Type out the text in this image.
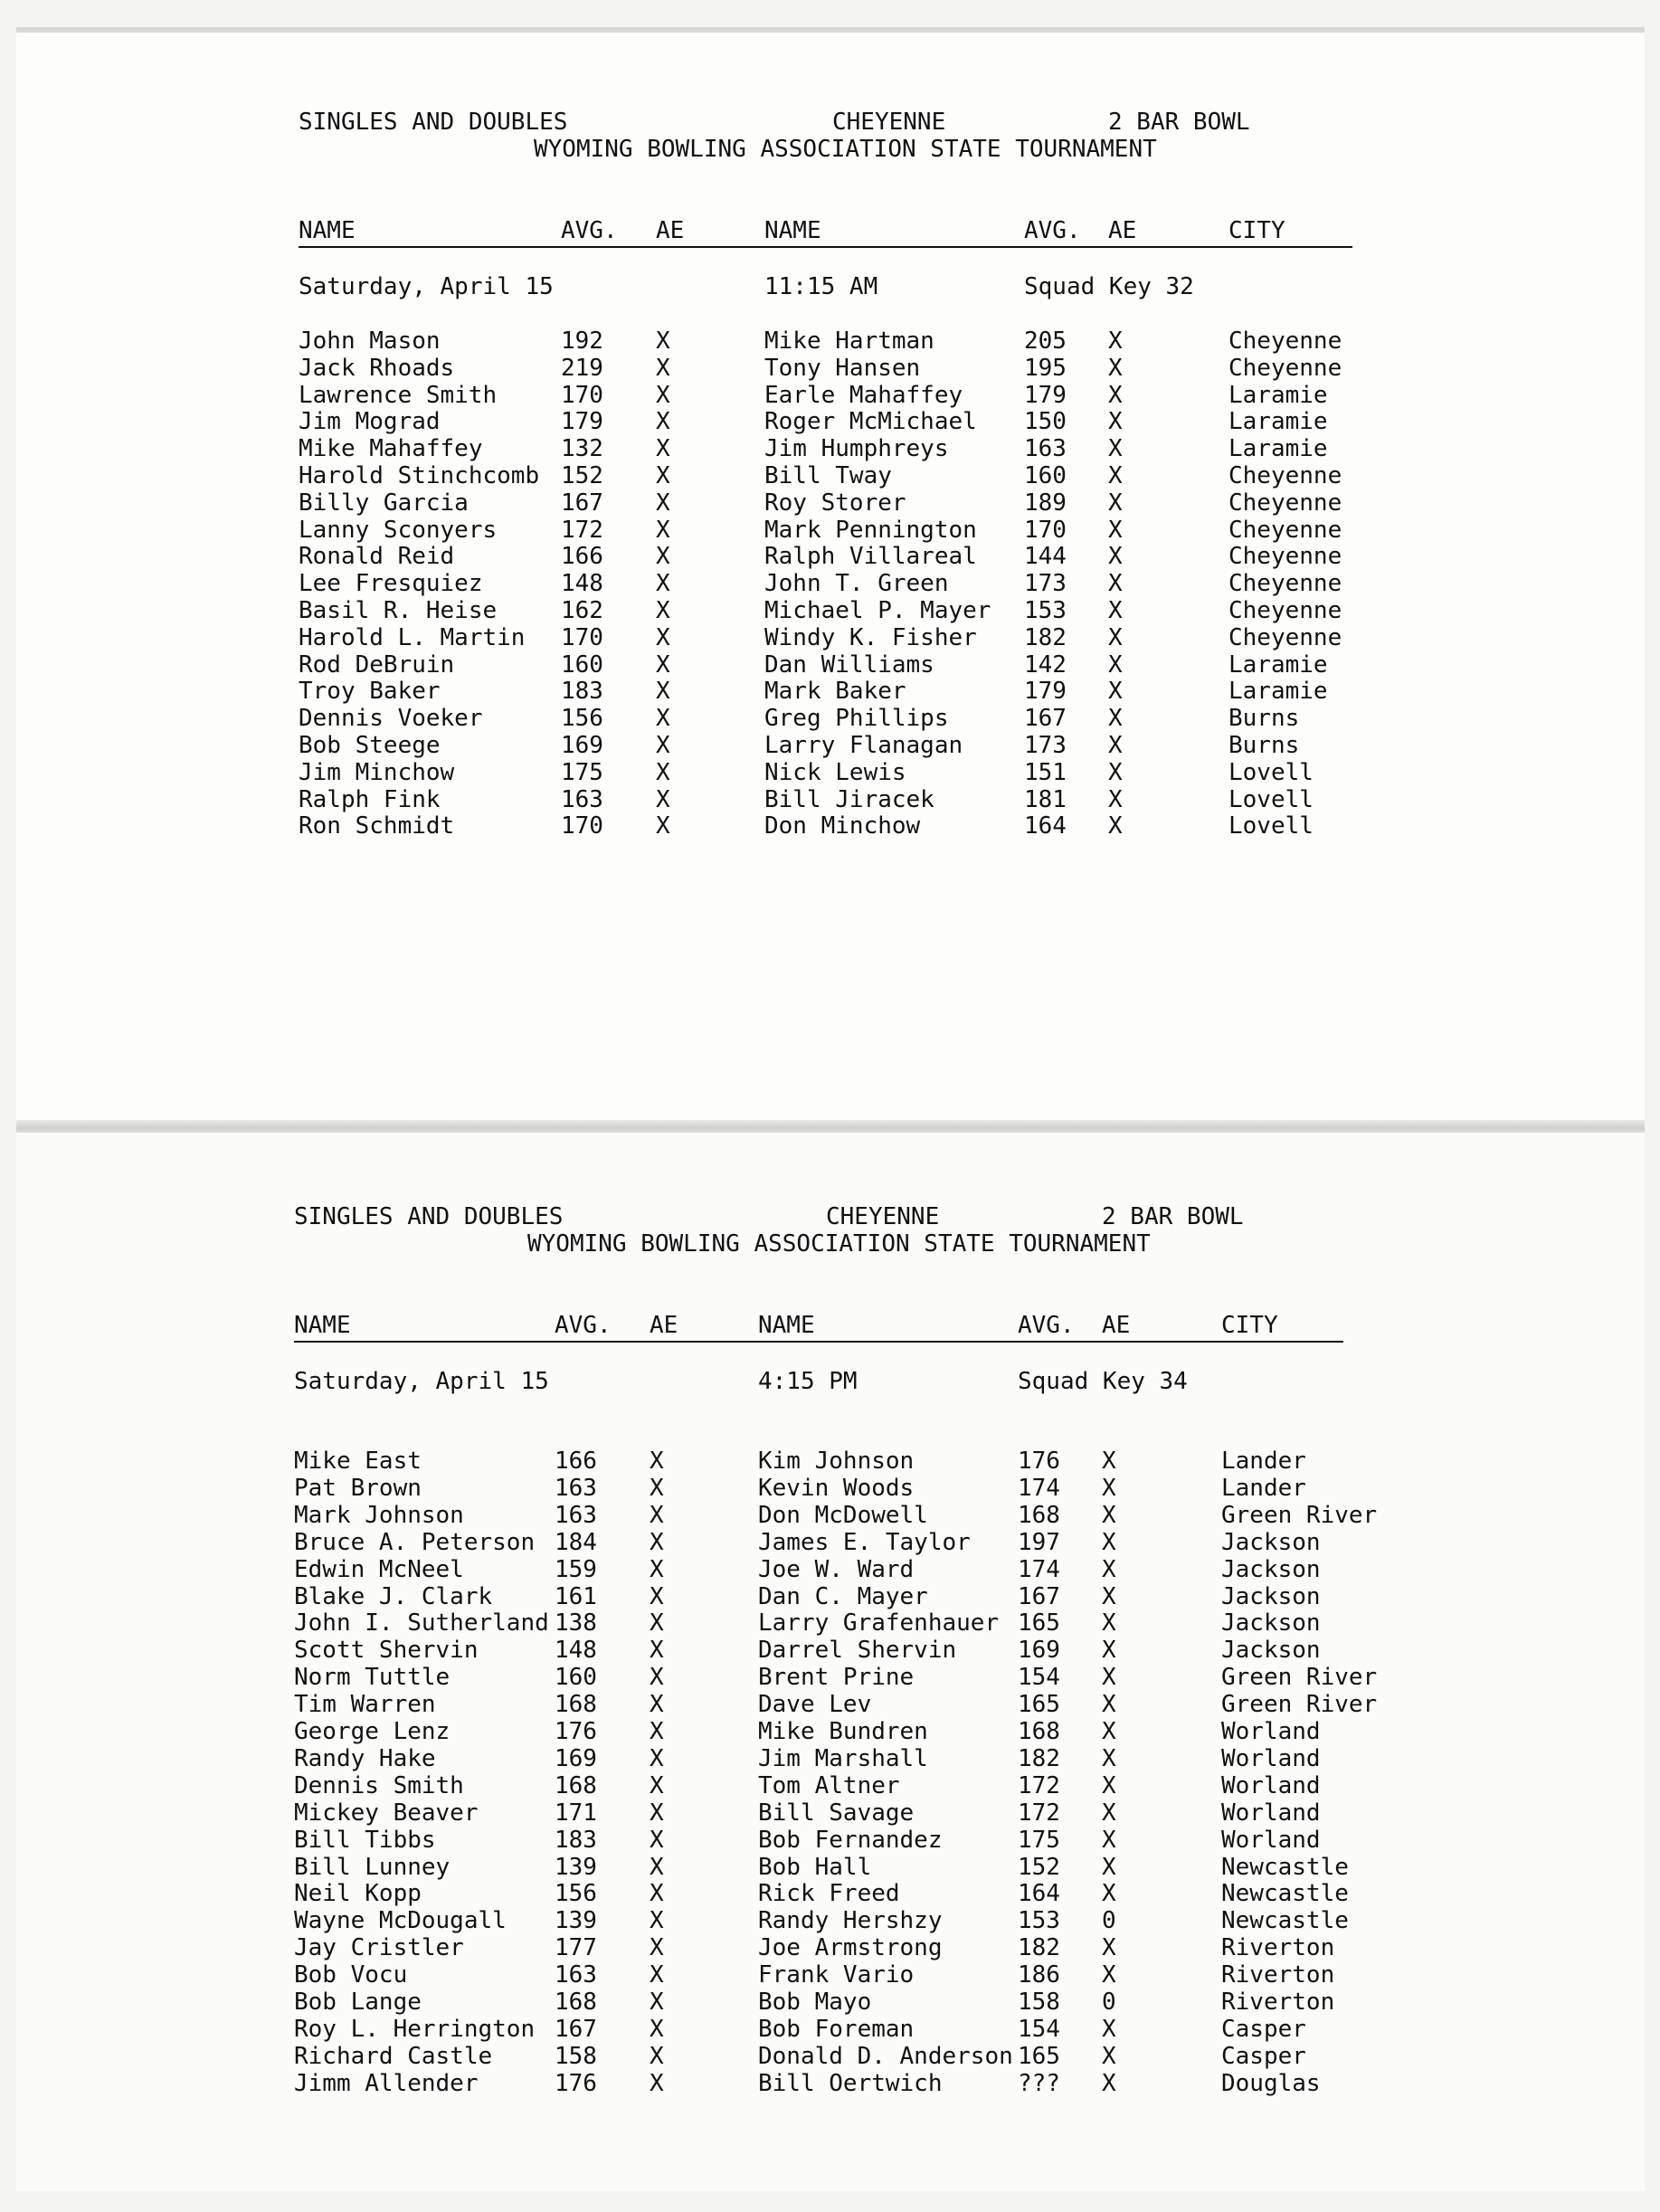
SINGLES AND DOUBLES	CHEYENNE	2 BAR BOWL
WYOMING BOWLING ASSOCIATION STATE TOURNAMENT
NAME	AVG. AE	NAME	AVG. AE	CITY
Saturday, April 15	11:15 AM	Squad Key 32
John Mason	192 X	Mike Hartman	205 X	Cheyenne
Jack Rhoads	219 X	Tony Hansen	195 X	Cheyenne
Lawrence Smith	170 X	Earle Mahaffey	179 X	Laramie
Jim Mograd	179 X	Roger McMichael 150 X	Laramie
Mike Mahaffey	132 X	Jim Humphreys	163 X	Laramie
Harold Stinchcomb 152 X	Bill Tway	160 X	Cheyenne
Billy Garcia	167 X	Roy Storer	189 X	Cheyenne
Lanny Sconyers	172 X	Mark Pennington 170 X	Cheyenne
Ronald Reid	166 X	Ralph Villareal 144 X	Cheyenne
Lee Fresquiez	148 X	John T. Green	173 X	Cheyenne
Basil R. Heise	162 X	Michael P. Mayer 153 X	Cheyenne
Harold L. Martin 170 X	Windy K. Fisher 182 X	Cheyenne
Rod DeBruin	160 X	Dan Williams	142 X	Laramie
Troy Baker	183 X	Mark Baker	179 X	Laramie
Dennis Voeker	156 X	Greg Phillips	167 X	Burns
Bob Steege	169 X	Larry Flanagan	173 X	Burns
Jim Minchow	175 X	Nick Lewis	151 X	Lovell
Ralph Fink	163 X	Bill Jiracek	181 X	Lovell
Ron Schmidt	170 X	Don Minchow	164 X	Lovell
SINGLES AND DOUBLES	CHEYENNE	2 BAR BOWL
WYOMING BOWLING ASSOCIATION STATE TOURNAMENT
NAME	AVG. AE	NAME	AVG. AE	CITY
Saturday, April 15	4:15 PM	Squad Key 34
Mike East	166 X	Kim Johnson	176 X	Lander
Pat Brown	163 X	Kevin Woods	174 X	Lander
Mark Johnson	163 X	Don McDowell	168 X	Green River
Bruce A. Peterson 184 X	James E. Taylor 197 X	Jackson
Edwin McNeel	159 X	Joe W. Ward	174 X	Jackson
Blake J. Clark	161 X	Dan C. Mayer	167 X	Jackson
John I. Sutherland 138 X	Larry Grafenhauer 165 X	Jackson
Scott Shervin	148 X	Darrel Shervin	169 X	Jackson
Norm Tuttle	160 X	Brent Prine	154 X	Green River
Tim Warren	168 X	Dave Lev	165 X	Green River
George Lenz	176 X	Mike Bundren	168 X	Worland
Randy Hake	169 X	Jim Marshall	182 X	Worland
Dennis Smith	168 X	Tom Altner	172 X	Worland
Mickey Beaver	171 X	Bill Savage	172 X	Worland
Bill Tibbs	183 X	Bob Fernandez	175 X	Worland
Bill Lunney	139 X	Bob Hall	152 X	Newcastle
Neil Kopp	156 X	Rick Freed	164 X	Newcastle
Wayne McDougall 139 X	Randy Hershzy	153 0	Newcastle
Jay Cristler	177 X	Joe Armstrong	182 X	Riverton
Bob Vocu	163 X	Frank Vario	186 X	Riverton
Bob Lange	168 X	Bob Mayo	158 0	Riverton
Roy L. Herrington 167 X	Bob Foreman	154 X	Casper
Richard Castle	158 X	Donald D. Anderson 165 X	Casper
Jimm Allender	176 X	Bill Oertwich	??? X	Douglas
